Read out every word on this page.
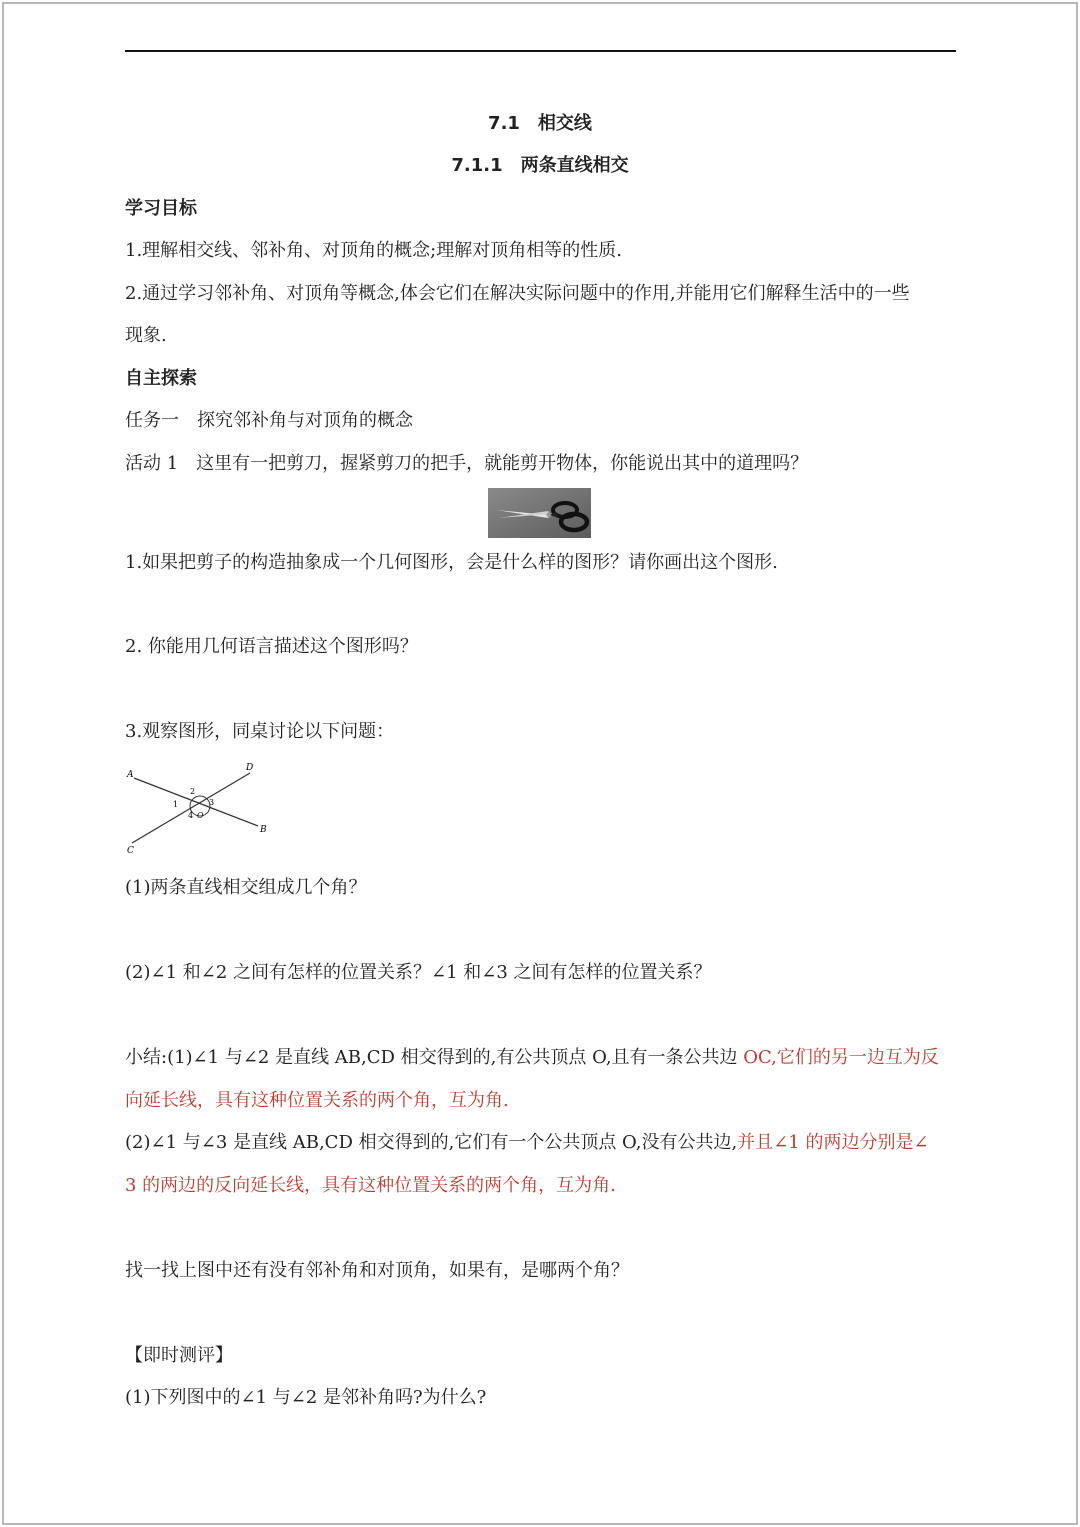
7.1　相交线
7.1.1　两条直线相交
学习目标
1.理解相交线、邻补角、对顶角的概念;理解对顶角相等的性质.
2.通过学习邻补角、对顶角等概念,体会它们在解决实际问题中的作用,并能用它们解释生活中的一些
现象.
自主探索
任务一　探究邻补角与对顶角的概念
活动 1　这里有一把剪刀，握紧剪刀的把手，就能剪开物体，你能说出其中的道理吗？
1.如果把剪子的构造抽象成一个几何图形，会是什么样的图形？请你画出这个图形.
2. 你能用几何语言描述这个图形吗？
3.观察图形，同桌讨论以下问题：
A
D
B
C
O
1
2
3
4
(1)两条直线相交组成几个角？
(2)∠1 和∠2 之间有怎样的位置关系？∠1 和∠3 之间有怎样的位置关系？
小结:(1)∠1 与∠2 是直线 AB,CD 相交得到的,有公共顶点 O,且有一条公共边 OC,它们的另一边互为反
向延长线，具有这种位置关系的两个角，互为角.
(2)∠1 与∠3 是直线 AB,CD 相交得到的,它们有一个公共顶点 O,没有公共边,并且∠1 的两边分别是∠
3 的两边的反向延长线，具有这种位置关系的两个角，互为角.
找一找上图中还有没有邻补角和对顶角，如果有，是哪两个角？
【即时测评】
(1)下列图中的∠1 与∠2 是邻补角吗?为什么?
